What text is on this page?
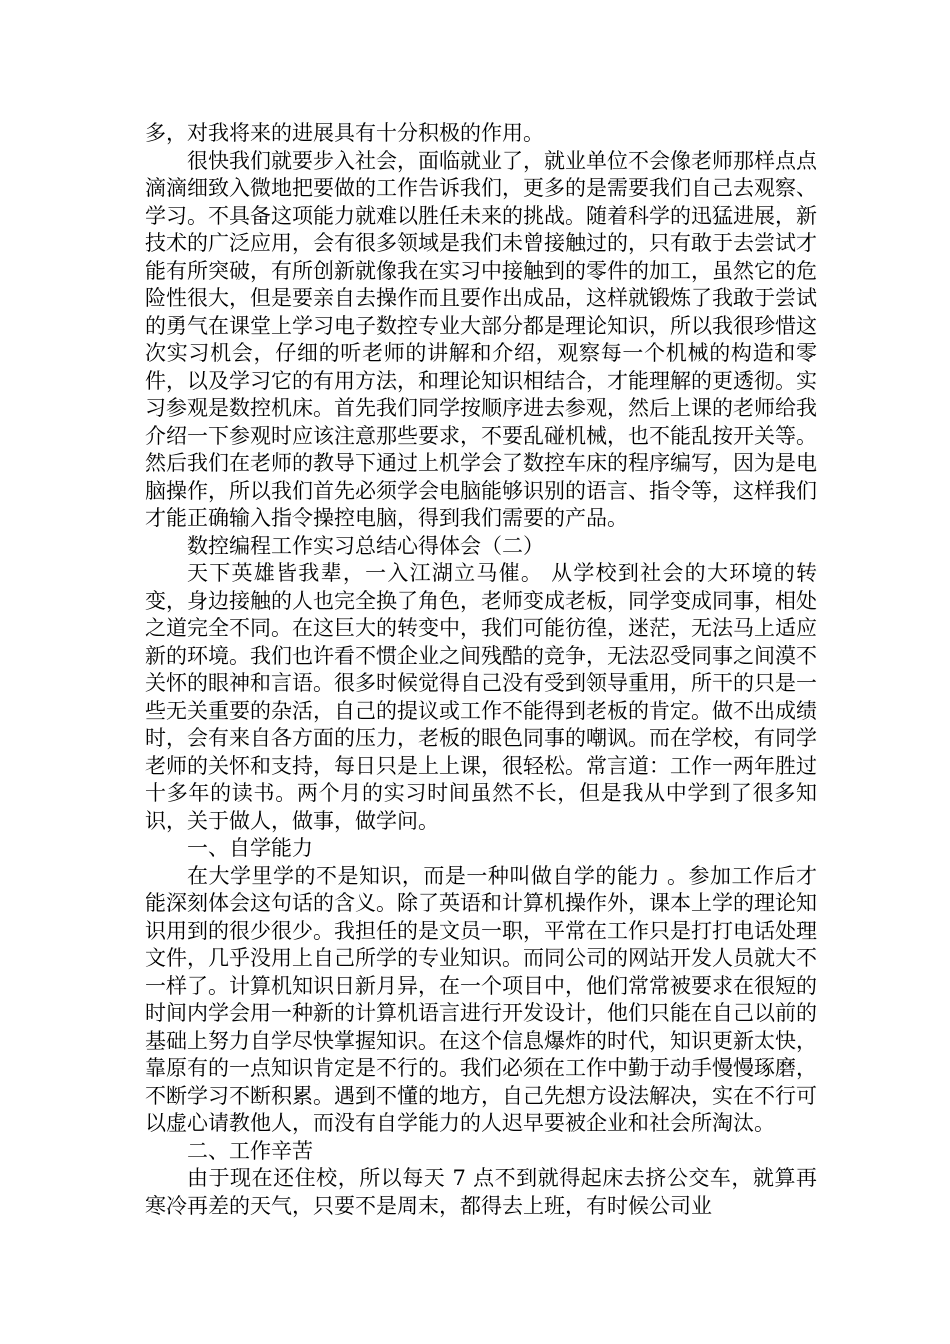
多，对我将来的进展具有十分积极的作用。

很快我们就要步入社会，面临就业了，就业单位不会像老师那样点点滴滴细致入微地把要做的工作告诉我们，更多的是需要我们自己去观察、学习。不具备这项能力就难以胜任未来的挑战。随着科学的迅猛进展，新技术的广泛应用，会有很多领域是我们未曾接触过的，只有敢于去尝试才能有所突破，有所创新就像我在实习中接触到的零件的加工，虽然它的危险性很大，但是要亲自去操作而且要作出成品，这样就锻炼了我敢于尝试的勇气在课堂上学习电子数控专业大部分都是理论知识，所以我很珍惜这次实习机会，仔细的听老师的讲解和介绍，观察每一个机械的构造和零件，以及学习它的有用方法，和理论知识相结合，才能理解的更透彻。实习参观是数控机床。首先我们同学按顺序进去参观，然后上课的老师给我介绍一下参观时应该注意那些要求，不要乱碰机械，也不能乱按开关等。然后我们在老师的教导下通过上机学会了数控车床的程序编写，因为是电脑操作，所以我们首先必须学会电脑能够识别的语言、指令等，这样我们才能正确输入指令操控电脑，得到我们需要的产品。

数控编程工作实习总结心得体会（二）

天下英雄皆我辈，一入江湖立马催。 从学校到社会的大环境的转变，身边接触的人也完全换了角色，老师变成老板，同学变成同事，相处之道完全不同。在这巨大的转变中，我们可能彷徨，迷茫，无法马上适应新的环境。我们也许看不惯企业之间残酷的竞争，无法忍受同事之间漠不关怀的眼神和言语。很多时候觉得自己没有受到领导重用，所干的只是一些无关重要的杂活，自己的提议或工作不能得到老板的肯定。做不出成绩时，会有来自各方面的压力，老板的眼色同事的嘲讽。而在学校，有同学老师的关怀和支持，每日只是上上课，很轻松。常言道：工作一两年胜过十多年的读书。两个月的实习时间虽然不长，但是我从中学到了很多知识，关于做人，做事，做学问。

一、自学能力

在大学里学的不是知识，而是一种叫做自学的能力 。参加工作后才能深刻体会这句话的含义。除了英语和计算机操作外，课本上学的理论知识用到的很少很少。我担任的是文员一职，平常在工作只是打打电话处理文件，几乎没用上自己所学的专业知识。而同公司的网站开发人员就大不一样了。计算机知识日新月异，在一个项目中，他们常常被要求在很短的时间内学会用一种新的计算机语言进行开发设计，他们只能在自己以前的基础上努力自学尽快掌握知识。在这个信息爆炸的时代，知识更新太快，靠原有的一点知识肯定是不行的。我们必须在工作中勤于动手慢慢琢磨，不断学习不断积累。遇到不懂的地方，自己先想方设法解决，实在不行可以虚心请教他人，而没有自学能力的人迟早要被企业和社会所淘汰。

二、工作辛苦

由于现在还住校，所以每天 7 点不到就得起床去挤公交车，就算再寒冷再差的天气，只要不是周末，都得去上班，有时候公司业
